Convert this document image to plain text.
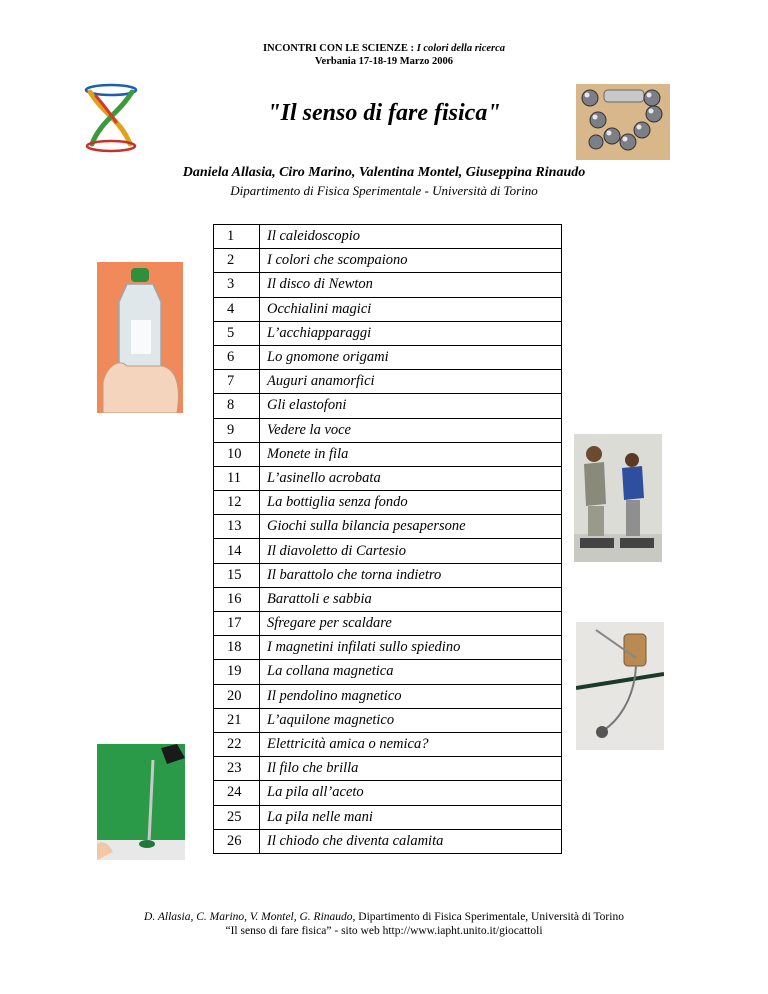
INCONTRI CON LE SCIENZE : I colori della ricerca
Verbania 17-18-19 Marzo 2006
"Il senso di fare fisica"
Daniela Allasia, Ciro Marino, Valentina Montel, Giuseppina Rinaudo
Dipartimento di Fisica Sperimentale - Università di Torino
1	Il caleidoscopio
2	I colori che scompaiono
3	Il disco di Newton
4	Occhialini magici
5	L’acchiapparaggi
6	Lo gnomone origami
7	Auguri anamorfici
8	Gli elastofoni
9	Vedere la voce
10	Monete in fila
11	L’asinello acrobata
12	La bottiglia senza fondo
13	Giochi sulla bilancia pesapersone
14	Il diavoletto di Cartesio
15	Il barattolo che torna indietro
16	Barattoli e sabbia
17	Sfregare per scaldare
18	I magnetini infilati sullo spiedino
19	La collana magnetica
20	Il pendolino magnetico
21	L’aquilone magnetico
22	Elettricità amica o nemica?
23	Il filo che brilla
24	La pila all’aceto
25	La pila nelle mani
26	Il chiodo che diventa calamita
D. Allasia, C. Marino, V. Montel, G. Rinaudo, Dipartimento di Fisica Sperimentale, Università di Torino
“Il senso di fare fisica” - sito web http://www.iapht.unito.it/giocattoli
